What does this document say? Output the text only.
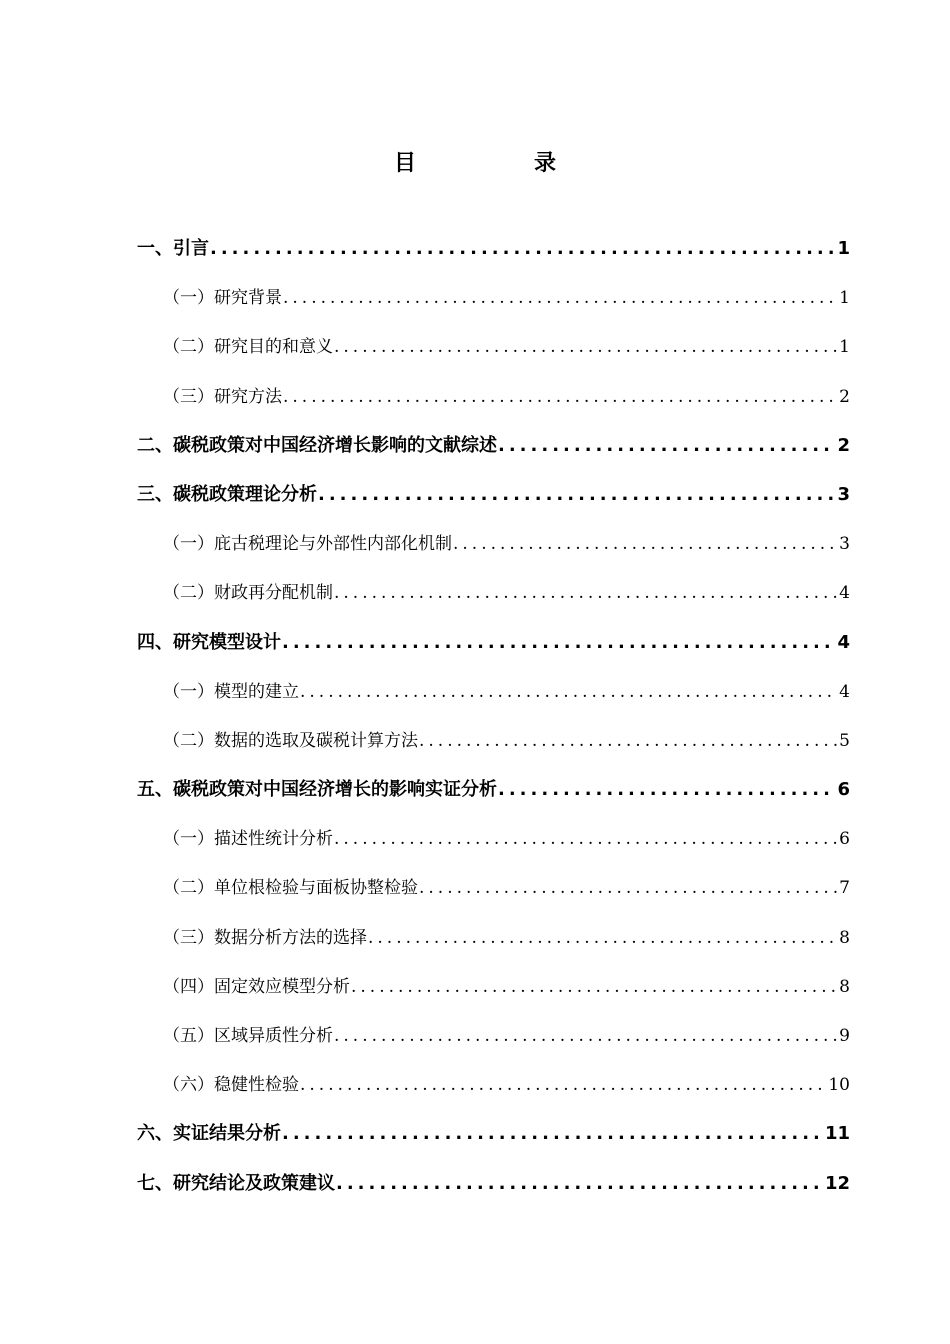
目　录
一、引言 .....	1
（一）研究背景 .....	1
（二）研究目的和意义 .....	1
（三）研究方法 .....	2
二、碳税政策对中国经济增长影响的文献综述 .....	2
三、碳税政策理论分析 .....	3
（一）庇古税理论与外部性内部化机制 .....	3
（二）财政再分配机制 .....	4
四、研究模型设计 .....	4
（一）模型的建立 .....	4
（二）数据的选取及碳税计算方法 .....	5
五、碳税政策对中国经济增长的影响实证分析 .....	6
（一）描述性统计分析 .....	6
（二）单位根检验与面板协整检验 .....	7
（三）数据分析方法的选择 .....	8
（四）固定效应模型分析 .....	8
（五）区域异质性分析 .....	9
（六）稳健性检验 .....	10
六、实证结果分析 .....	11
七、研究结论及政策建议 .....	12
